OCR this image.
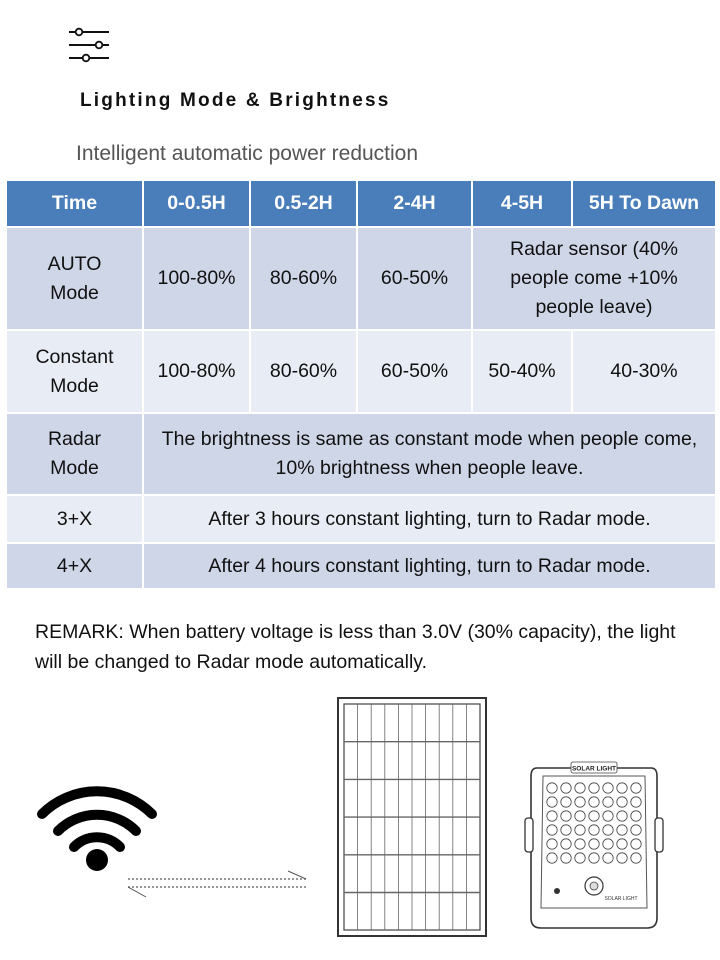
Lighting Mode & Brightness
Intelligent automatic power reduction
Time	0-0.5H	0.5-2H	2-4H	4-5H	5H To Dawn
AUTO Mode	100-80%	80-60%	60-50%	Radar sensor (40% people come +10% people leave)	
Constant Mode	100-80%	80-60%	60-50%	50-40%	40-30%
Radar Mode	The brightness is same as constant mode when people come, 10% brightness when people leave.				
3+X	After 3 hours constant lighting, turn to Radar mode.				
4+X	After 4 hours constant lighting, turn to Radar mode.				
REMARK: When battery voltage is less than 3.0V (30% capacity), the light will be changed to Radar mode automatically.
SOLAR LIGHT
SOLAR LIGHT
